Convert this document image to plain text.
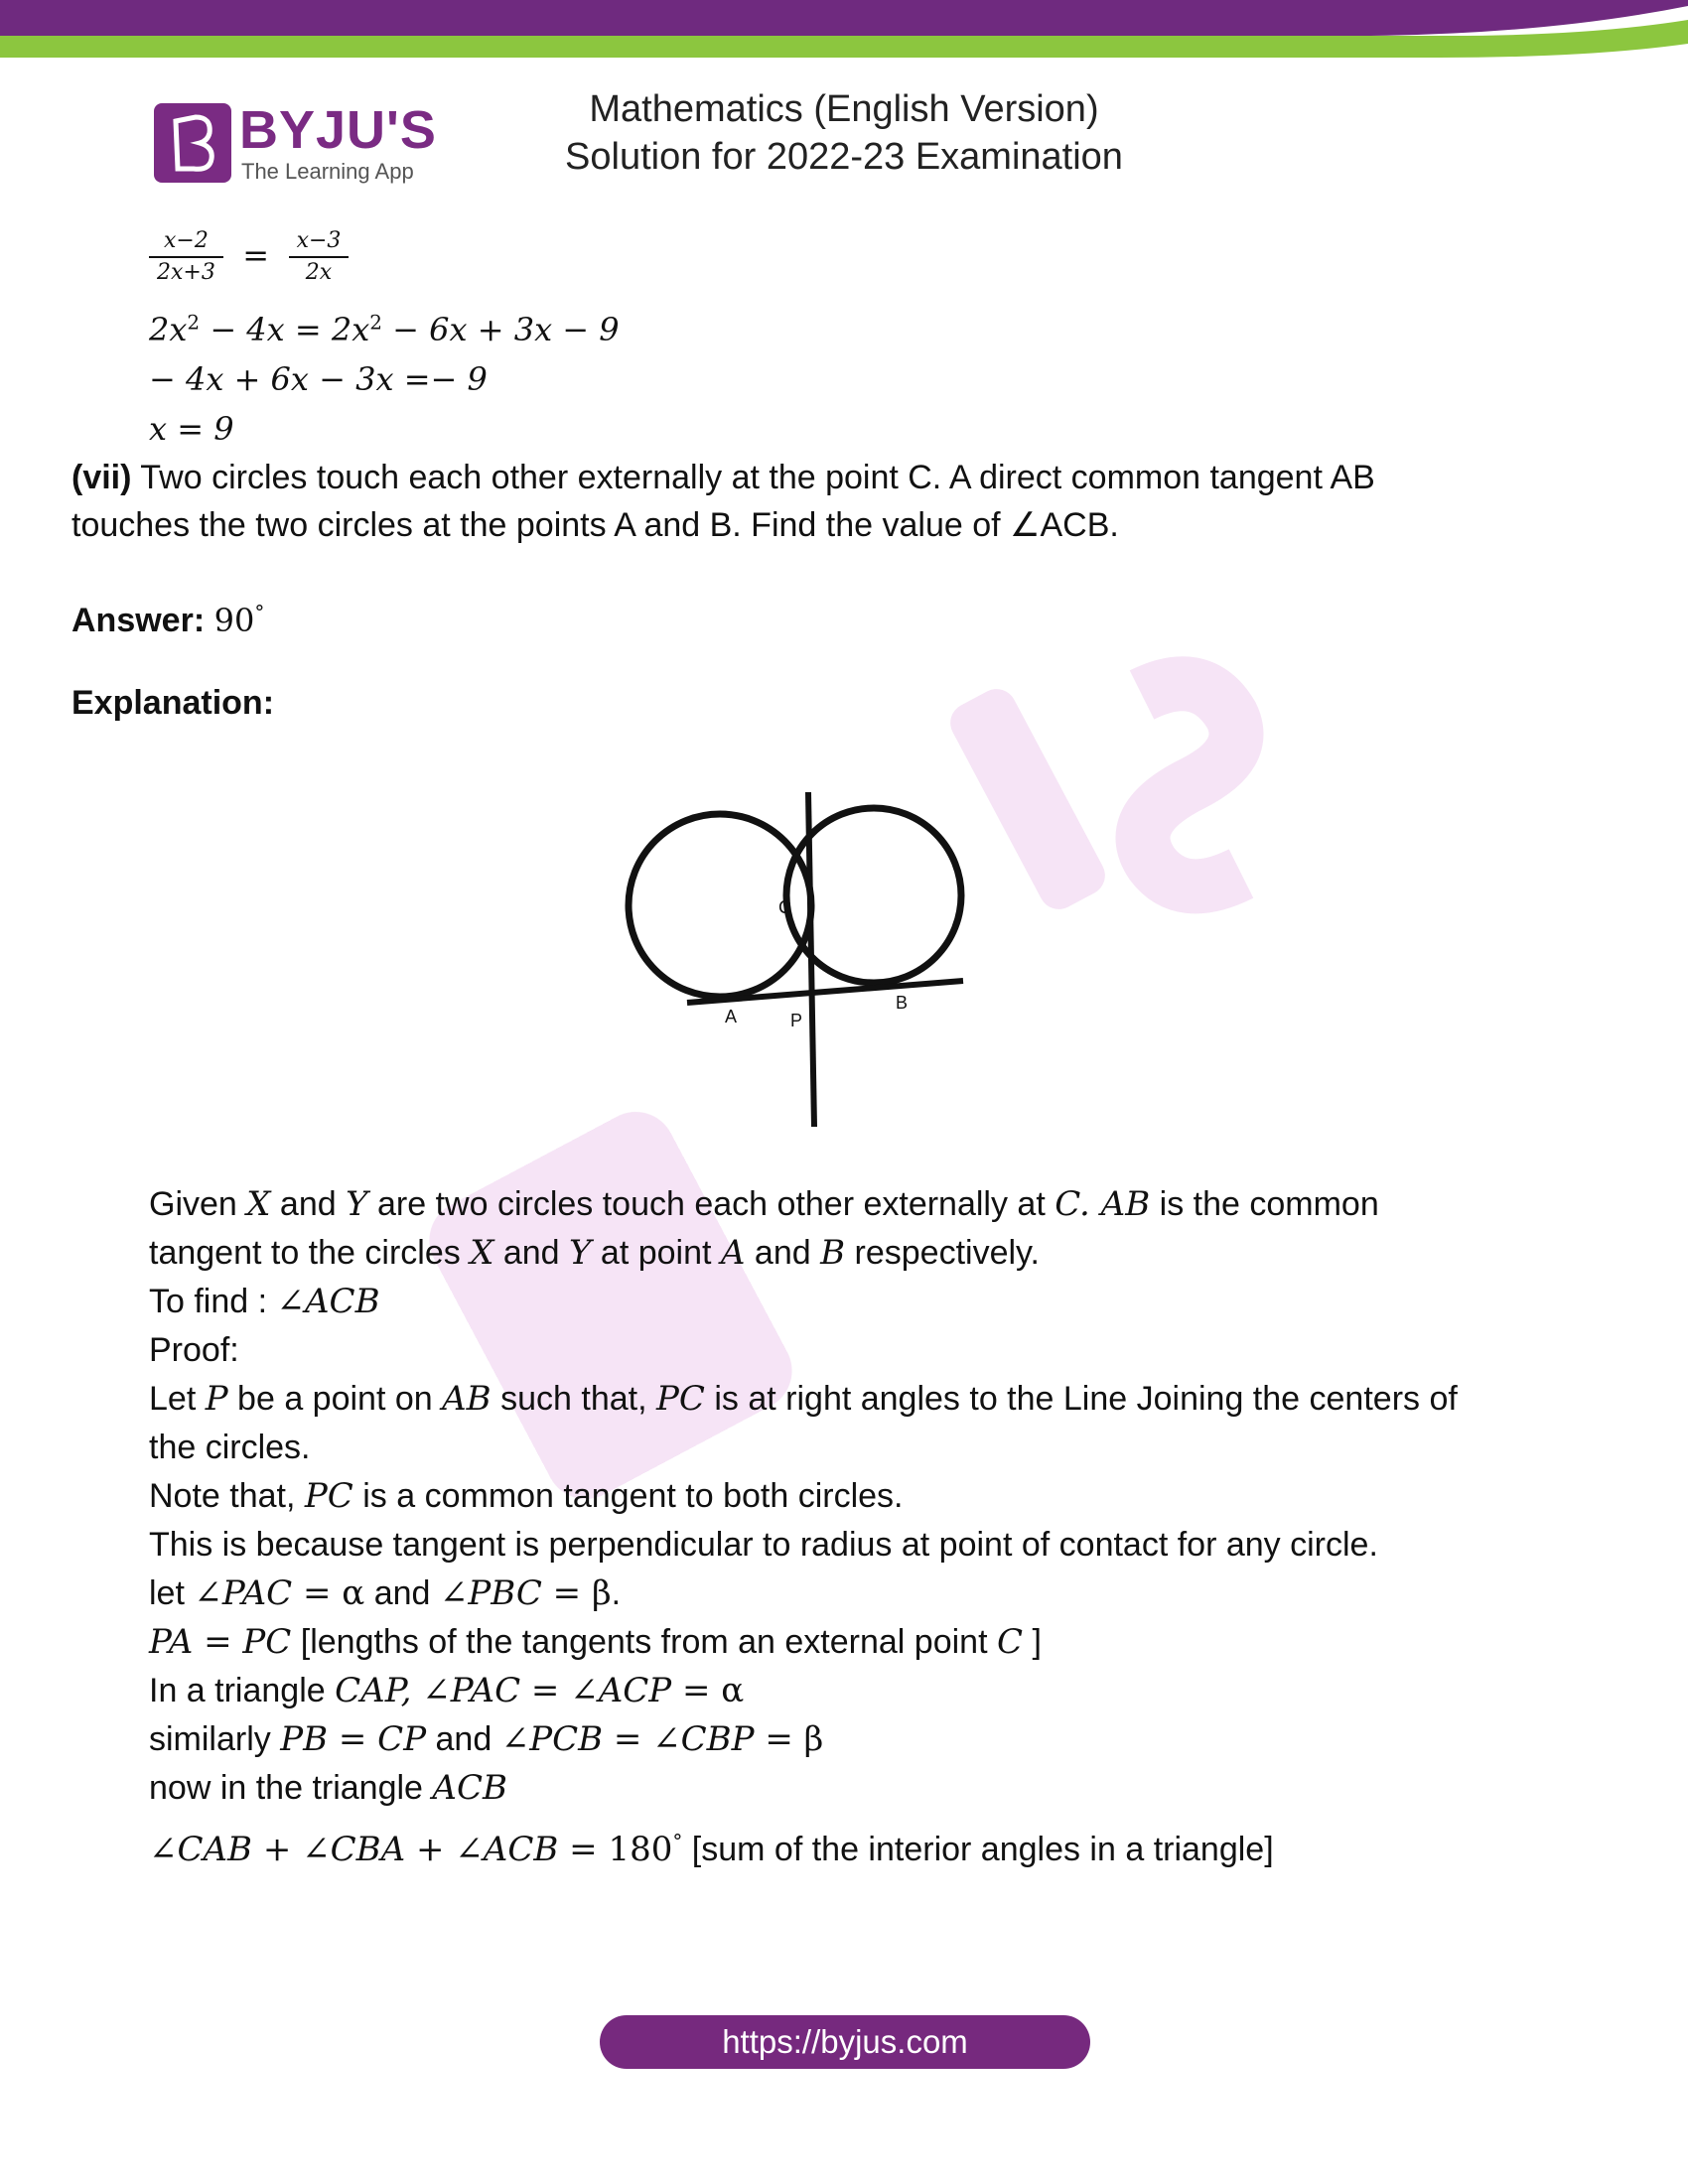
BYJU'S
The Learning App
Mathematics (English Version)
Solution for 2022-23 Examination
$\frac{x-2}{2x+3} = \frac{x-3}{2x}$
$2x^2 - 4x = 2x^2 - 6x + 3x - 9$
− 4x + 6x − 3x =− 9
x = 9
(vii) Two circles touch each other externally at the point C. A direct common tangent AB
touches the two circles at the points A and B. Find the value of ∠ACB.
Answer: 90°
Explanation:
C
A	P
B
Given X and Y are two circles touch each other externally at C. AB is the common
tangent to the circles X and Y at point A and B respectively.
To find : ∠ACB
Proof:
Let P be a point on AB such that, PC is at right angles to the Line Joining the centers of
the circles.
Note that, PC is a common tangent to both circles.
This is because tangent is perpendicular to radius at point of contact for any circle.
let ∠PAC = α and ∠PBC = β.
PA = PC [lengths of the tangents from an external point C ]
In a triangle CAP, ∠PAC = ∠ACP = α
similarly PB = CP and ∠PCB = ∠CBP = β
now in the triangle ACB
∠CAB + ∠CBA + ∠ACB = 180° [sum of the interior angles in a triangle]
https://byjus.com
